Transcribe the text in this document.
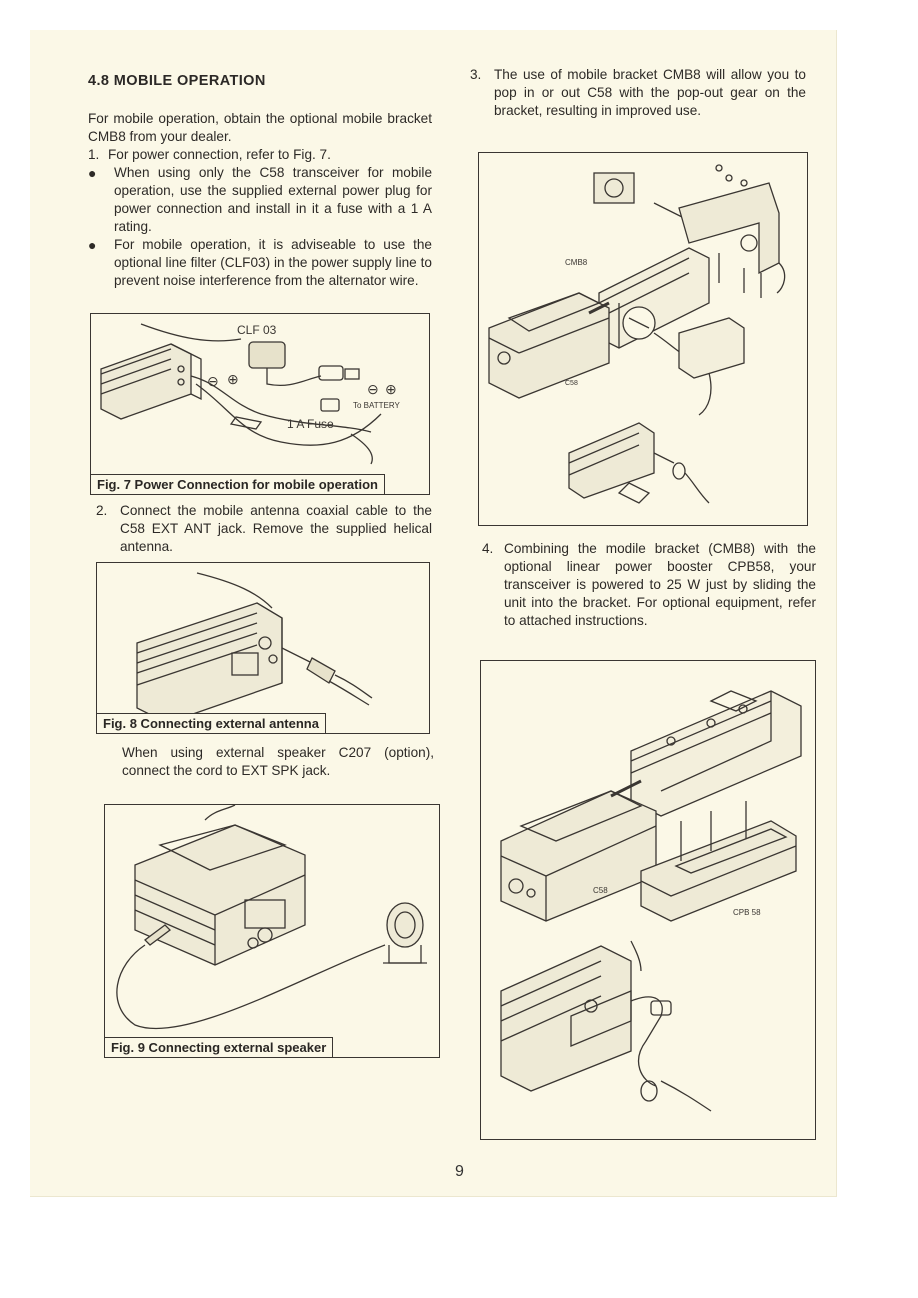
4.8 MOBILE OPERATION

For mobile operation, obtain the optional mobile bracket CMB8 from your dealer.

1. For power connection, refer to Fig. 7.
●	When using only the C58 transceiver for mobile operation, use the supplied external power plug for power connection and install in it a fuse with a 1 A rating.
●	For mobile operation, it is adviseable to use the optional line filter (CLF03) in the power supply line to prevent noise interference from the alternator wire.
CLF 03
⊖ ⊕
⊖ ⊕
To BATTERY
1 A Fuse
Fig. 7 Power Connection for mobile operation
2. Connect the mobile antenna coaxial cable to the C58 EXT ANT jack. Remove the supplied helical antenna.
Fig. 8 Connecting external antenna
When using external speaker C207 (option), connect the cord to EXT SPK jack.
Fig. 9 Connecting external speaker
3. The use of mobile bracket CMB8 will allow you to pop in or out C58 with the pop-out gear on the bracket, resulting in improved use.
CMB8
C58
4. Combining the modile bracket (CMB8) with the optional linear power booster CPB58, your transceiver is powered to 25 W just by sliding the unit into the bracket. For optional equipment, refer to attached instructions.
C58
CPB 58
9
